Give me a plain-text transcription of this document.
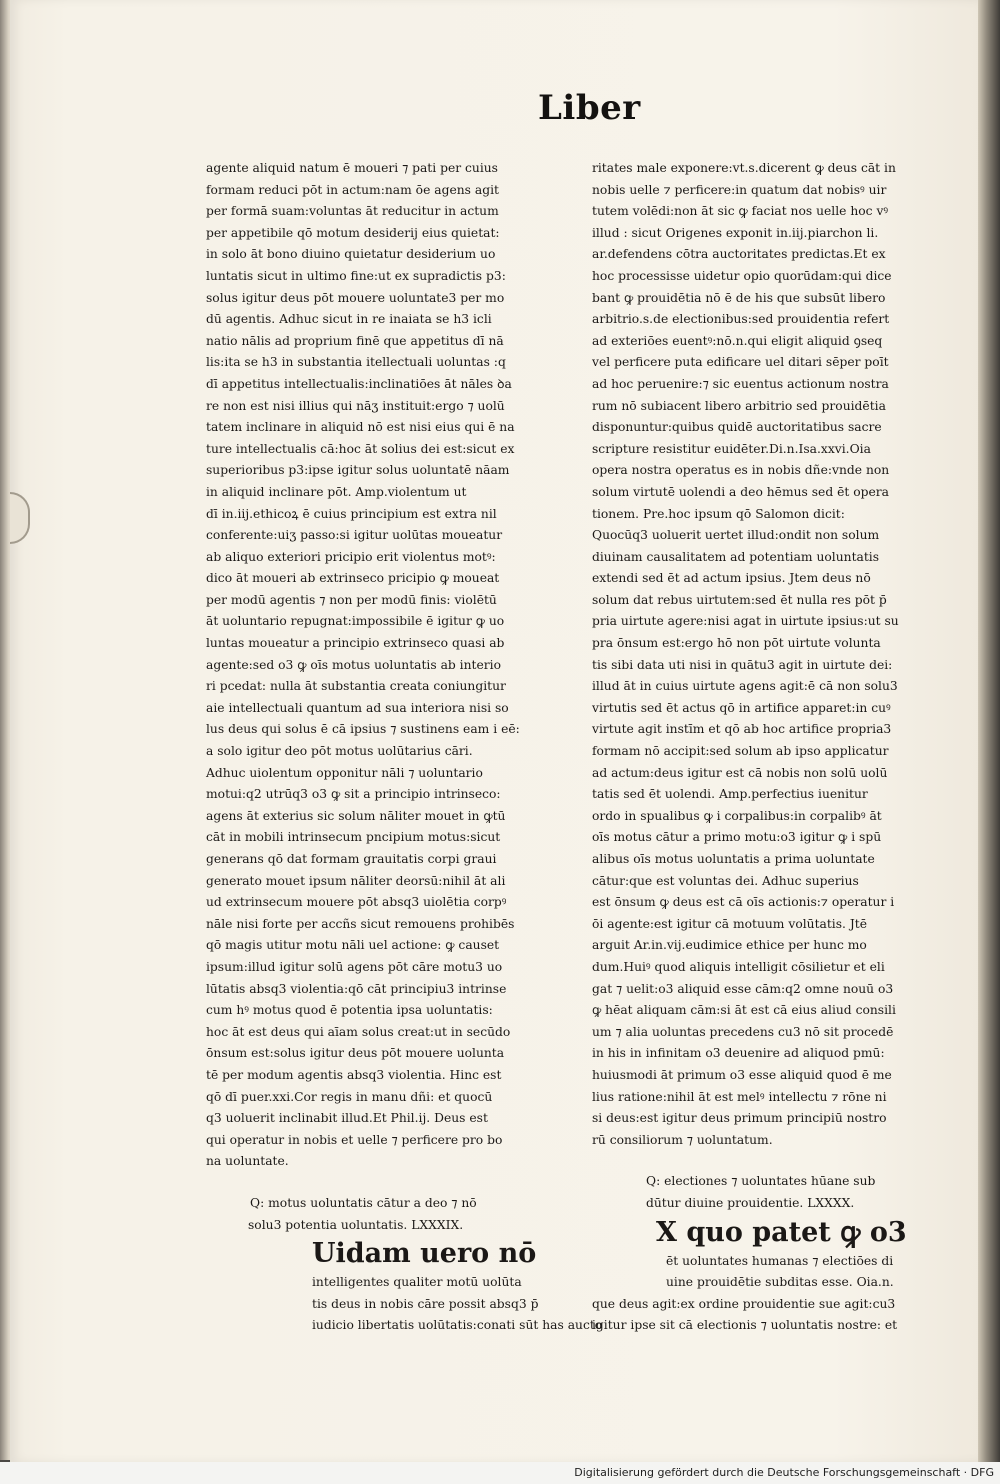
Liber
agente aliquid natum ē moueri ⁊ pati per cuius
formam reduci pōt in actum:nam ōe agens agit
per formā suam:voluntas āt reducitur in actum
per appetibile qō motum desiderij eius quietat:
in solo āt bono diuino quietatur desiderium uo
luntatis sicut in ultimo fine:ut ex supradictis p3:
solus igitur deus pōt mouere uoluntate3 per mo
dū agentis. Adhuc sicut in re inaiata se h3 icli
natio nālis ad proprium finē que appetitus dī nā
lis:ita se h3 in substantia itellectuali uoluntas :q
dī appetitus intellectualis:inclinatiōes āt nāles ꝺa
re non est nisi illius qui nāʒ instituit:ergo ⁊ uolū
tatem inclinare in aliquid nō est nisi eius qui ē na
ture intellectualis cā:hoc āt solius dei est:sicut ex
superioribus p3:ipse igitur solus uoluntatē nāam
in aliquid inclinare pōt. Amp.violentum ut
dī in.iij.ethicoꝝ ē cuius principium est extra nil
conferente:uiʒ passo:si igitur uolūtas moueatur
ab aliquo exteriori pricipio erit violentus motꝰ:
dico āt moueri ab extrinseco pricipio ꝙ moueat
per modū agentis ⁊ non per modū finis: violētū
āt uoluntario repugnat:impossibile ē igitur ꝙ uo
luntas moueatur a principio extrinseco quasi ab
agente:sed o3 ꝙ oīs motus uoluntatis ab interio
ri pcedat: nulla āt substantia creata coniungitur
aie intellectuali quantum ad sua interiora nisi so
lus deus qui solus ē cā ipsius ⁊ sustinens eam i eē:
a solo igitur deo pōt motus uolūtarius cāri.
Adhuc uiolentum opponitur nāli ⁊ uoluntario
motui:q2 utrūq3 o3 ꝙ sit a principio intrinseco:
agens āt exterius sic solum nāliter mouet in ꝙtū
cāt in mobili intrinsecum pncipium motus:sicut
generans qō dat formam grauitatis corpi graui
generato mouet ipsum nāliter deorsū:nihil āt ali
ud extrinsecum mouere pōt absq3 uiolētia corpꝰ
nāle nisi forte per accñs sicut remouens prohibēs
qō magis utitur motu nāli uel actione: ꝙ causet
ipsum:illud igitur solū agens pōt cāre motu3 uo
lūtatis absq3 violentia:qō cāt principiu3 intrinse
cum hꝰ motus quod ē potentia ipsa uoluntatis:
hoc āt est deus qui aīam solus creat:ut in secūdo
ōnsum est:solus igitur deus pōt mouere uolunta
tē per modum agentis absq3 violentia. Hinc est
qō dī puer.xxi.Cor regis in manu dñi: et quocū
q3 uoluerit inclinabit illud.Et Phil.ij. Deus est
qui operatur in nobis et uelle ⁊ perficere pro bo
na uoluntate.
Q: motus uoluntatis cātur a deo ⁊ nō
solu3 potentia uoluntatis. LXXXIX.
Uidam uero nō
intelligentes qualiter motū uolūta
tis deus in nobis cāre possit absq3 p̄
iudicio libertatis uolūtatis:conati sūt has aucto
ritates male exponere:vt.s.dicerent ꝙ deus cāt in
nobis uelle ⁊ perficere:in quatum dat nobisꝰ uir
tutem volēdi:non āt sic ꝙ faciat nos uelle hoc vꝰ
illud : sicut Origenes exponit in.iij.piarchon li.
ar.defendens cōtra auctoritates predictas.Et ex
hoc processisse uidetur opio quorūdam:qui dice
bant ꝙ prouidētia nō ē de his que subsūt libero
arbitrio.s.de electionibus:sed prouidentia refert
ad exteriōes euentꝰ:nō.n.qui eligit aliquid ꝯseq
vel perficere puta edificare uel ditari sēper poīt
ad hoc peruenire:⁊ sic euentus actionum nostra
rum nō subiacent libero arbitrio sed prouidētia
disponuntur:quibus quidē auctoritatibus sacre
scripture resistitur euidēter.Di.n.Isa.xxvi.Oia
opera nostra operatus es in nobis dñe:vnde non
solum virtutē uolendi a deo hēmus sed ēt opera
tionem. Pre.hoc ipsum qō Salomon dicit:
Quocūq3 uoluerit uertet illud:ondit non solum
diuinam causalitatem ad potentiam uoluntatis
extendi sed ēt ad actum ipsius. Jtem deus nō
solum dat rebus uirtutem:sed ēt nulla res pōt p̄
pria uirtute agere:nisi agat in uirtute ipsius:ut su
pra ōnsum est:ergo hō non pōt uirtute volunta
tis sibi data uti nisi in quātu3 agit in uirtute dei:
illud āt in cuius uirtute agens agit:ē cā non solu3
virtutis sed ēt actus qō in artifice apparet:in cuꝰ
virtute agit instīm et qō ab hoc artifice propria3
formam nō accipit:sed solum ab ipso applicatur
ad actum:deus igitur est cā nobis non solū uolū
tatis sed ēt uolendi. Amp.perfectius iuenitur
ordo in spualibus ꝙ i corpalibus:in corpalibꝰ āt
oīs motus cātur a primo motu:o3 igitur ꝙ i spū
alibus oīs motus uoluntatis a prima uoluntate
cātur:que est voluntas dei. Adhuc superius
est ōnsum ꝙ deus est cā oīs actionis:⁊ operatur i
ōi agente:est igitur cā motuum volūtatis. Jtē
arguit Ar.in.vij.eudimice ethice per hunc mo
dum.Huiꝰ quod aliquis intelligit cōsilietur et eli
gat ⁊ uelit:o3 aliquid esse cām:q2 omne nouū o3
ꝙ hēat aliquam cām:si āt est cā eius aliud consili
um ⁊ alia uoluntas precedens cu3 nō sit procedē
in his in infinitam o3 deuenire ad aliquod pmū:
huiusmodi āt primum o3 esse aliquid quod ē me
lius ratione:nihil āt est melꝰ intellectu ⁊ rōne ni
si deus:est igitur deus primum principiū nostro
rū consiliorum ⁊ uoluntatum.
Q: electiones ⁊ uoluntates hūane sub
dūtur diuine prouidentie. LXXXX.
X quo patet ꝙ o3
ēt uoluntates humanas ⁊ electiōes di
uine prouidētie subditas esse. Oia.n.
que deus agit:ex ordine prouidentie sue agit:cu3
igitur ipse sit cā electionis ⁊ uoluntatis nostre: et

Digitalisierung gefördert durch die Deutsche Forschungsgemeinschaft · DFG
